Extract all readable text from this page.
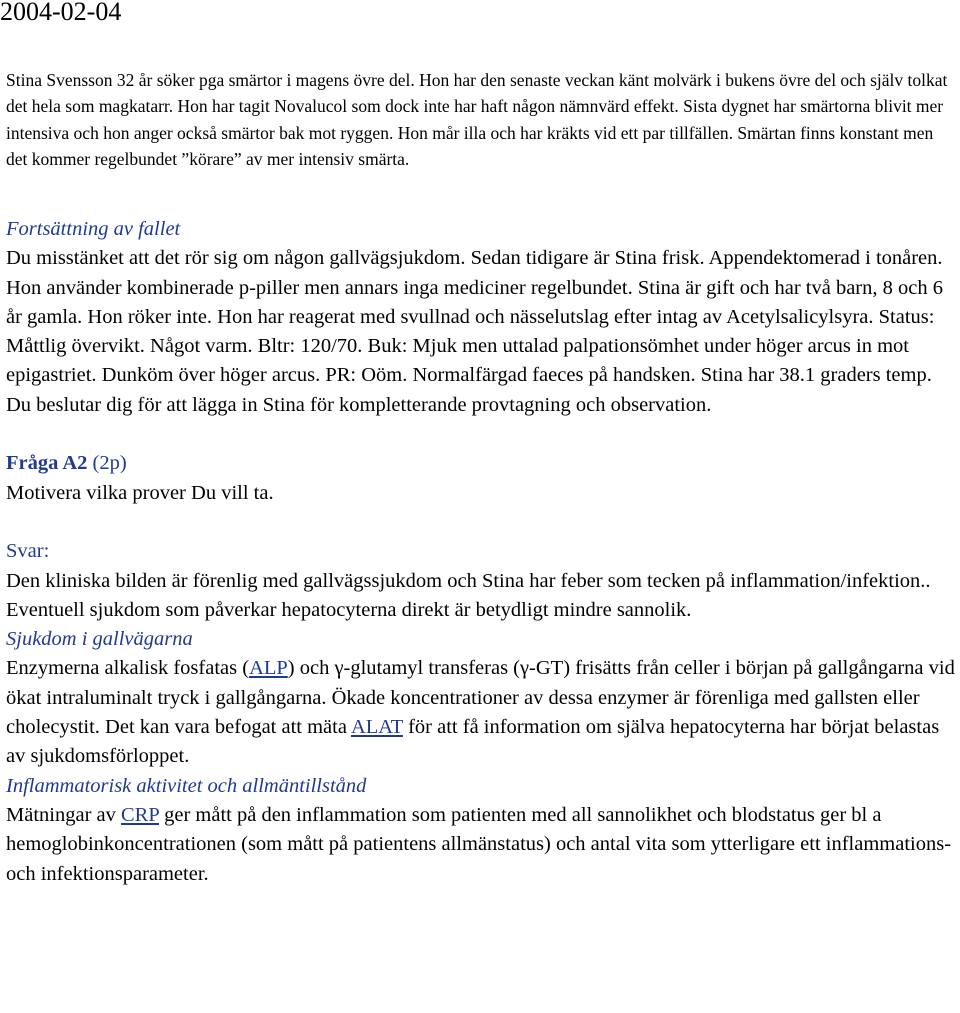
2004-02-04

Stina Svensson 32 år söker pga smärtor i magens övre del. Hon har den senaste veckan känt molvärk i bukens övre del och själv tolkat det hela som magkatarr. Hon har tagit Novalucol som dock inte har haft någon nämnvärd effekt. Sista dygnet har smärtorna blivit mer intensiva och hon anger också smärtor bak mot ryggen. Hon mår illa och har kräkts vid ett par tillfällen. Smärtan finns konstant men det kommer regelbundet ”körare” av mer intensiv smärta.

Fortsättning av fallet

Du misstänket att det rör sig om någon gallvägsjukdom. Sedan tidigare är Stina frisk. Appendektomerad i tonåren. Hon använder kombinerade p-piller men annars inga mediciner regelbundet. Stina är gift och har två barn, 8 och 6 år gamla. Hon röker inte. Hon har reagerat med svullnad och nässelutslag efter intag av Acetylsalicylsyra. Status: Måttlig övervikt. Något varm. Bltr: 120/70. Buk: Mjuk men uttalad palpationsömhet under höger arcus in mot epigastriet. Dunköm över höger arcus. PR: Oöm. Normalfärgad faeces på handsken. Stina har 38.1 graders temp. Du beslutar dig för att lägga in Stina för kompletterande provtagning och observation.

Fråga A2 (2p)
Motivera vilka prover Du vill ta.
Svar:

Den kliniska bilden är förenlig med gallvägssjukdom och Stina har feber som tecken på inflammation/infektion.. Eventuell sjukdom som påverkar hepatocyterna direkt är betydligt mindre sannolik.

Sjukdom i gallvägarna

Enzymerna alkalisk fosfatas (ALP) och γ-glutamyl transferas (γ-GT) frisätts från celler i början på gallgångarna vid ökat intraluminalt tryck i gallgångarna. Ökade koncentrationer av dessa enzymer är förenliga med gallsten eller cholecystit. Det kan vara befogat att mäta ALAT för att få information om själva hepatocyterna har börjat belastas av sjukdomsförloppet.

Inflammatorisk aktivitet och allmäntillstånd

Mätningar av CRP ger mått på den inflammation som patienten med all sannolikhet och blodstatus ger bl a hemoglobinkoncentrationen (som mått på patientens allmänstatus) och antal vita som ytterligare ett inflammations- och infektionsparameter.
